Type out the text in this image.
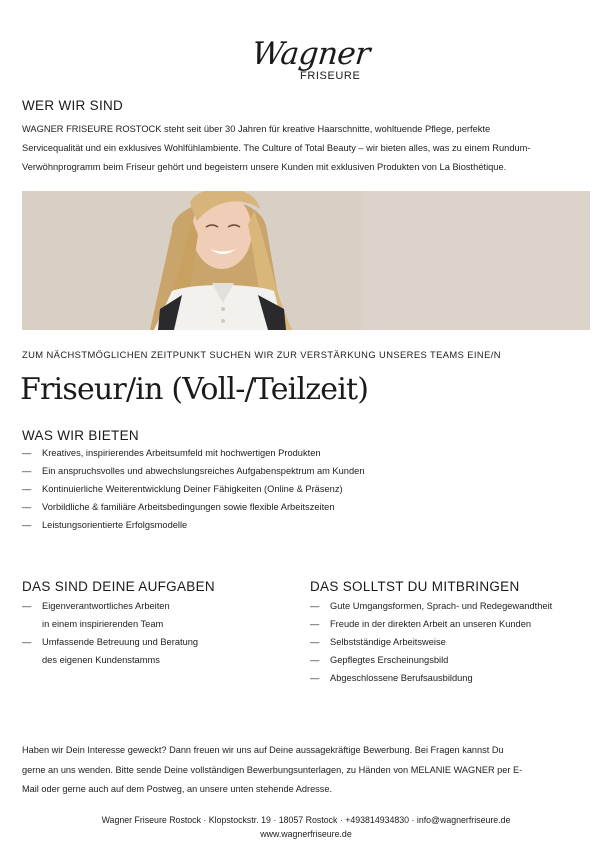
Wagner
FRISEURE
WER WIR SIND

WAGNER FRISEURE ROSTOCK steht seit über 30 Jahren für kreative Haarschnitte, wohltuende Pflege, perfekte
Servicequalität und ein exklusives Wohlfühlambiente. The Culture of Total Beauty – wir bieten alles, was zu einem Rundum-
Verwöhnprogramm beim Friseur gehört und begeistern unsere Kunden mit exklusiven Produkten von La Biosthétique.

ZUM NÄCHSTMÖGLICHEN ZEITPUNKT SUCHEN WIR ZUR VERSTÄRKUNG UNSERES TEAMS EINE/N
Friseur/in (Voll-/Teilzeit)
WAS WIR BIETEN
— Kreatives, inspirierendes Arbeitsumfeld mit hochwertigen Produkten
— Ein anspruchsvolles und abwechslungsreiches Aufgabenspektrum am Kunden
— Kontinuierliche Weiterentwicklung Deiner Fähigkeiten (Online & Präsenz)
— Vorbildliche & familiäre Arbeitsbedingungen sowie flexible Arbeitszeiten
— Leistungsorientierte Erfolgsmodelle
DAS SIND DEINE AUFGABEN
— Eigenverantwortliches Arbeiten
in einem inspirierenden Team
— Umfassende Betreuung und Beratung
des eigenen Kundenstamms
DAS SOLLTST DU MITBRINGEN
— Gute Umgangsformen, Sprach- und Redegewandtheit
— Freude in der direkten Arbeit an unseren Kunden
— Selbstständige Arbeitsweise
— Gepflegtes Erscheinungsbild
— Abgeschlossene Berufsausbildung

Haben wir Dein Interesse geweckt? Dann freuen wir uns auf Deine aussagekräftige Bewerbung. Bei Fragen kannst Du
gerne an uns wenden. Bitte sende Deine vollständigen Bewerbungsunterlagen, zu Händen von MELANIE WAGNER per E-
Mail oder gerne auch auf dem Postweg, an unsere unten stehende Adresse.

Wagner Friseure Rostock · Klopstockstr. 19 · 18057 Rostock · +493814934830 · info@wagnerfriseure.de
www.wagnerfriseure.de
